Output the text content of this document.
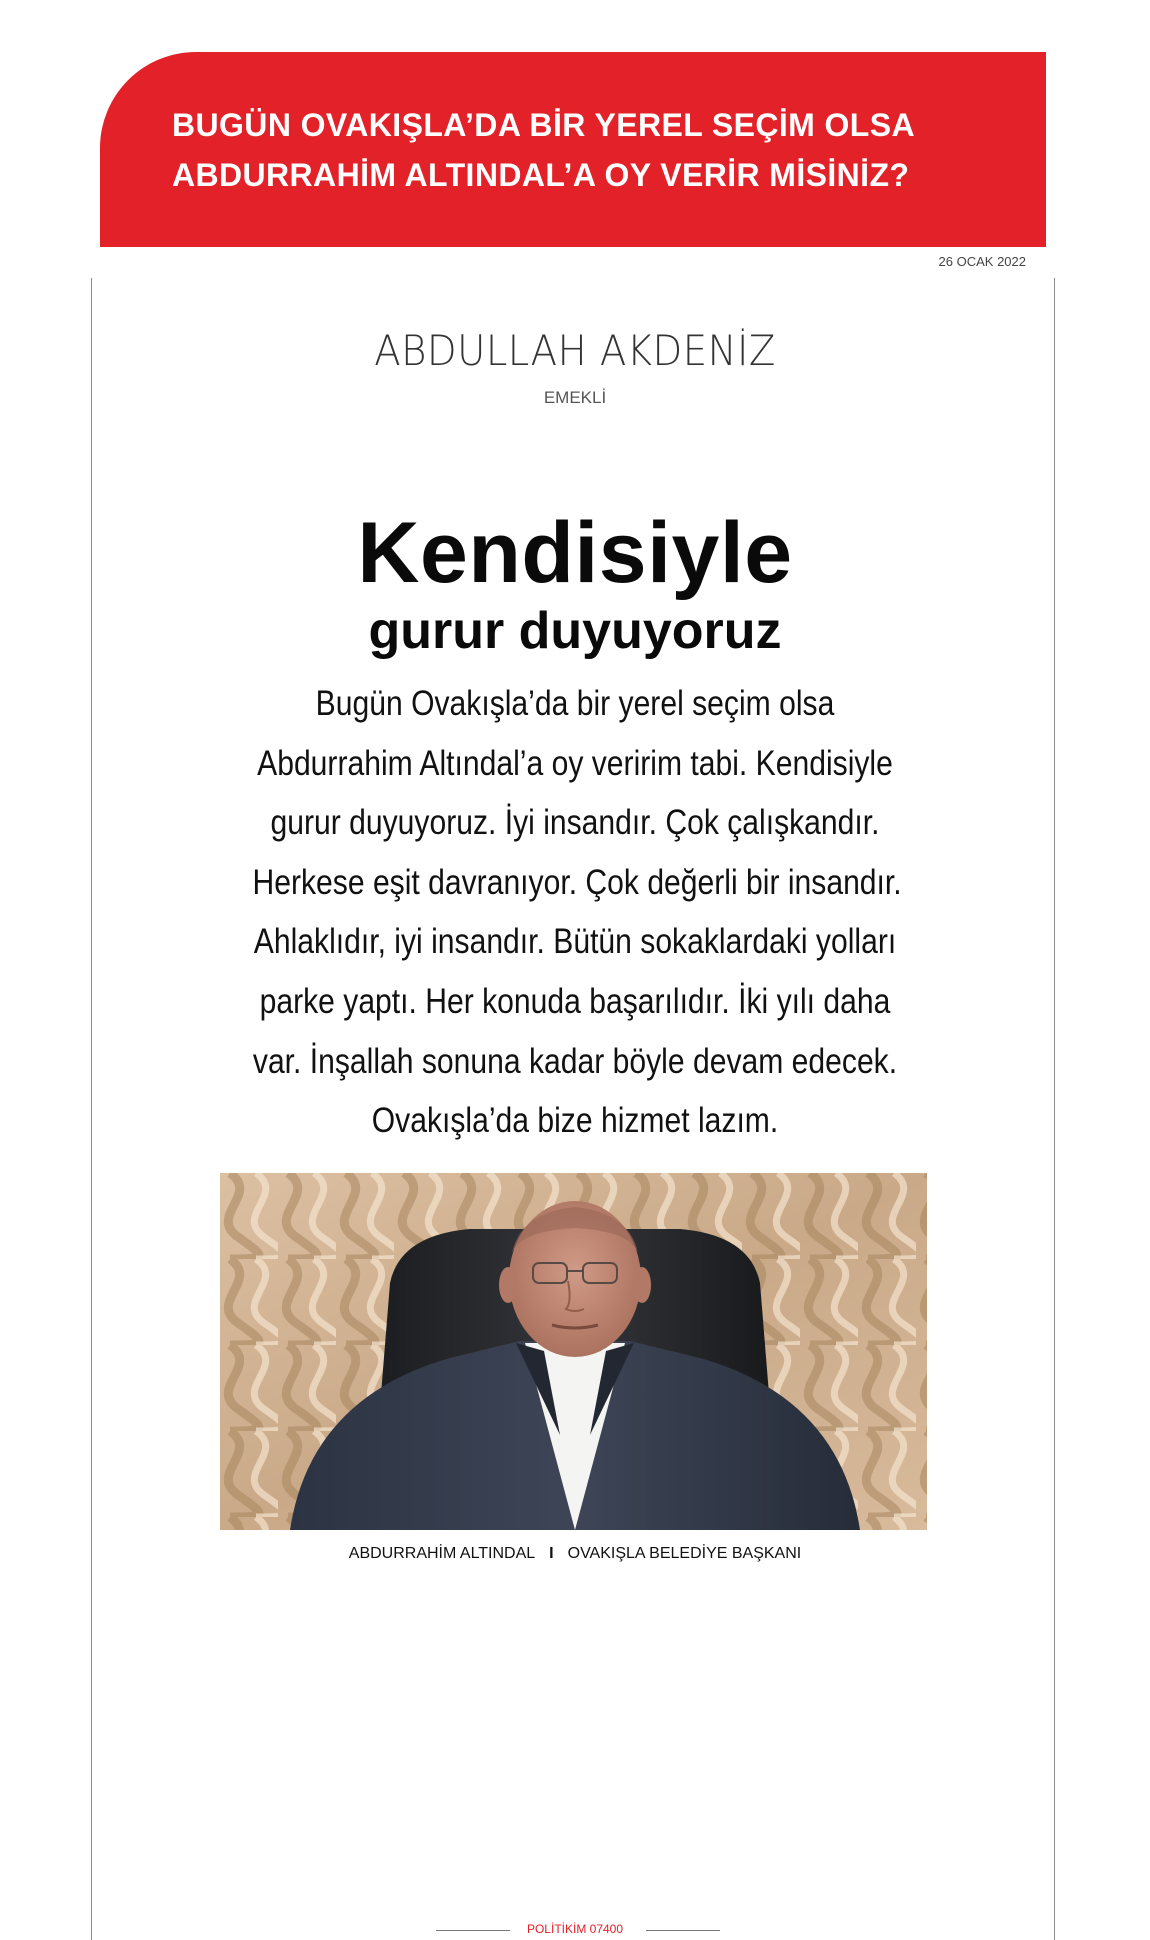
BUGÜN OVAKIŞLA’DA BİR YEREL SEÇİM OLSA
ABDURRAHİM ALTINDAL’A OY VERİR MİSİNİZ?
26 OCAK 2022
ABDULLAH AKDENİZ
EMEKLİ
Kendisiyle
gurur duyuyoruz
Bugün Ovakışla’da bir yerel seçim olsa
Abdurrahim Altındal’a oy veririm tabi. Kendisiyle
gurur duyuyoruz. İyi insandır. Çok çalışkandır.
Herkese eşit davranıyor. Çok değerli bir insandır.
Ahlaklıdır, iyi insandır. Bütün sokaklardaki yolları
parke yaptı. Her konuda başarılıdır. İki yılı daha
var. İnşallah sonuna kadar böyle devam edecek.
Ovakışla’da bize hizmet lazım.
ABDURRAHİM ALTINDAL I OVAKIŞLA BELEDİYE BAŞKANI
POLİTİKİM 07400
